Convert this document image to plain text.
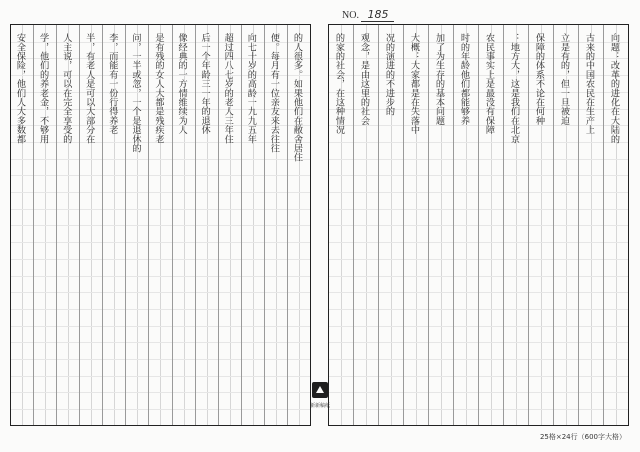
NO. 185
的人很多。如果他们在敝舍居住
便。每月有一位亲友来去往往
向七十岁的高龄一九九五年
超过四八七岁的老人三年住
后一个年龄三一年的退休
像经典的一方情维续为人
是有残的女人大都是残疾老
问，一半或忽，一个是退休的
李，而能有一份行得养老
半，有老人是可以大部分在
人主说，可以在完全享受的
学，他们的养老金，不够用
安全保险，他们人大多数都	向题：改革的进化在大陆的
古来的中国农民在生产上
立是有的，但一旦被迫
保障的体系不论在何种
：地方大，这是我们在北京
农民事实上是最没有保障
时的年龄他们都能够养
加了为生存的基本问题
大概：大家都是在失落中
况的演进的不进步的
观念，是由这里的社会
的家的社会，在这种情况
新新稿纸
25格×24行（600字大格）
